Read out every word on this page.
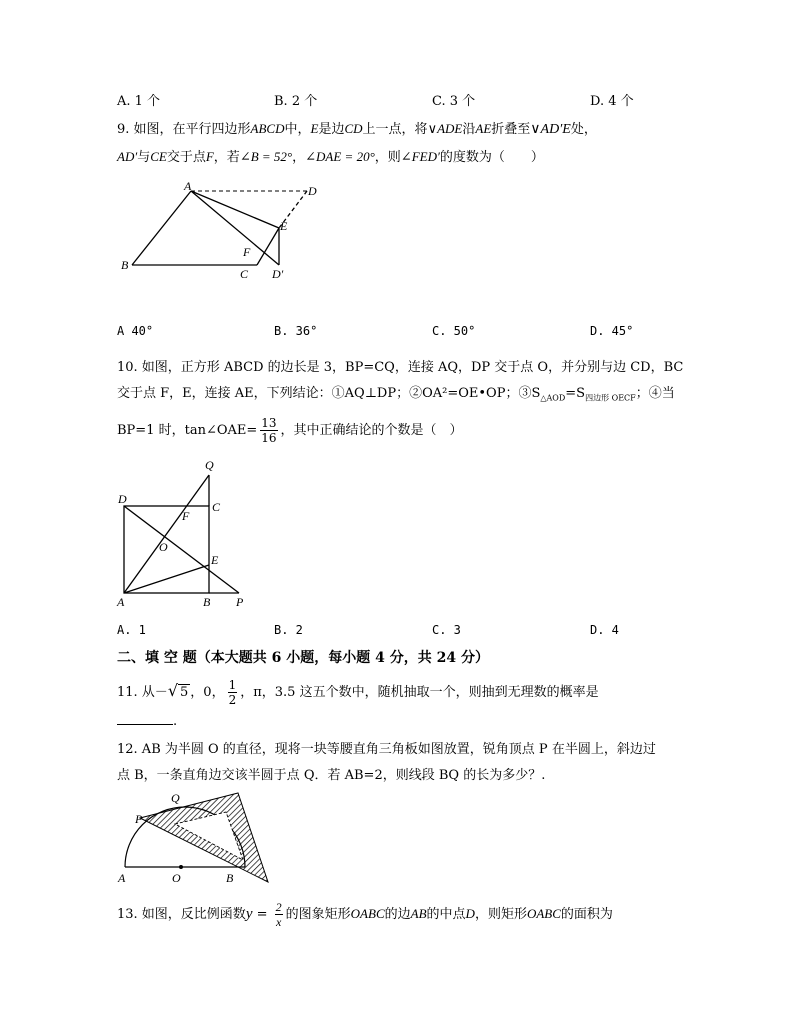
A. 1 个	B. 2 个	C. 3 个	D. 4 个
9. 如图，在平行四边形ABCD中，E是边CD上一点，将∨ADE沿AE折叠至∨AD′E处，
AD′与CE交于点F，若∠B = 52°，∠DAE = 20°，则∠FED′的度数为（　　）
A	D
E
F
B
C D′
A 40°	B. 36°	C. 50°	D. 45°
10. 如图，正方形 ABCD 的边长是 3，BP=CQ，连接 AQ，DP 交于点 O，并分别与边 CD，BC
交于点 F，E，连接 AE，下列结论：①AQ⊥DP；②OA²=OE•OP；$③S_{\triangle AOD}=S_{四边形 OECF}$；④当
BP=1 时，tan∠OAE= $\frac{13}{16}$ ，其中正确结论的个数是（　）
Q
D
C
F
O
E
A	B P
A. 1	B. 2	C. 3	D. 4
二、填 空 题（本大题共 6 小题，每小题 4 分，共 24 分）
11. 从－√ 5 ，0， $\frac{1}{2}$ ，π，3.5 这五个数中，随机抽取一个，则抽到无理数的概率是
.
12. AB 为半圆 O 的直径，现将一块等腰直角三角板如图放置，锐角顶点 P 在半圆上，斜边过
点 B，一条直角边交该半圆于点 Q．若 AB=2，则线段 BQ 的长为多少？.
Q
P
A	O	B
13. 如图，反比例函数$y = \frac{2}{x}$ 的图象矩形OABC的边AB的中点D，则矩形OABC的面积为
